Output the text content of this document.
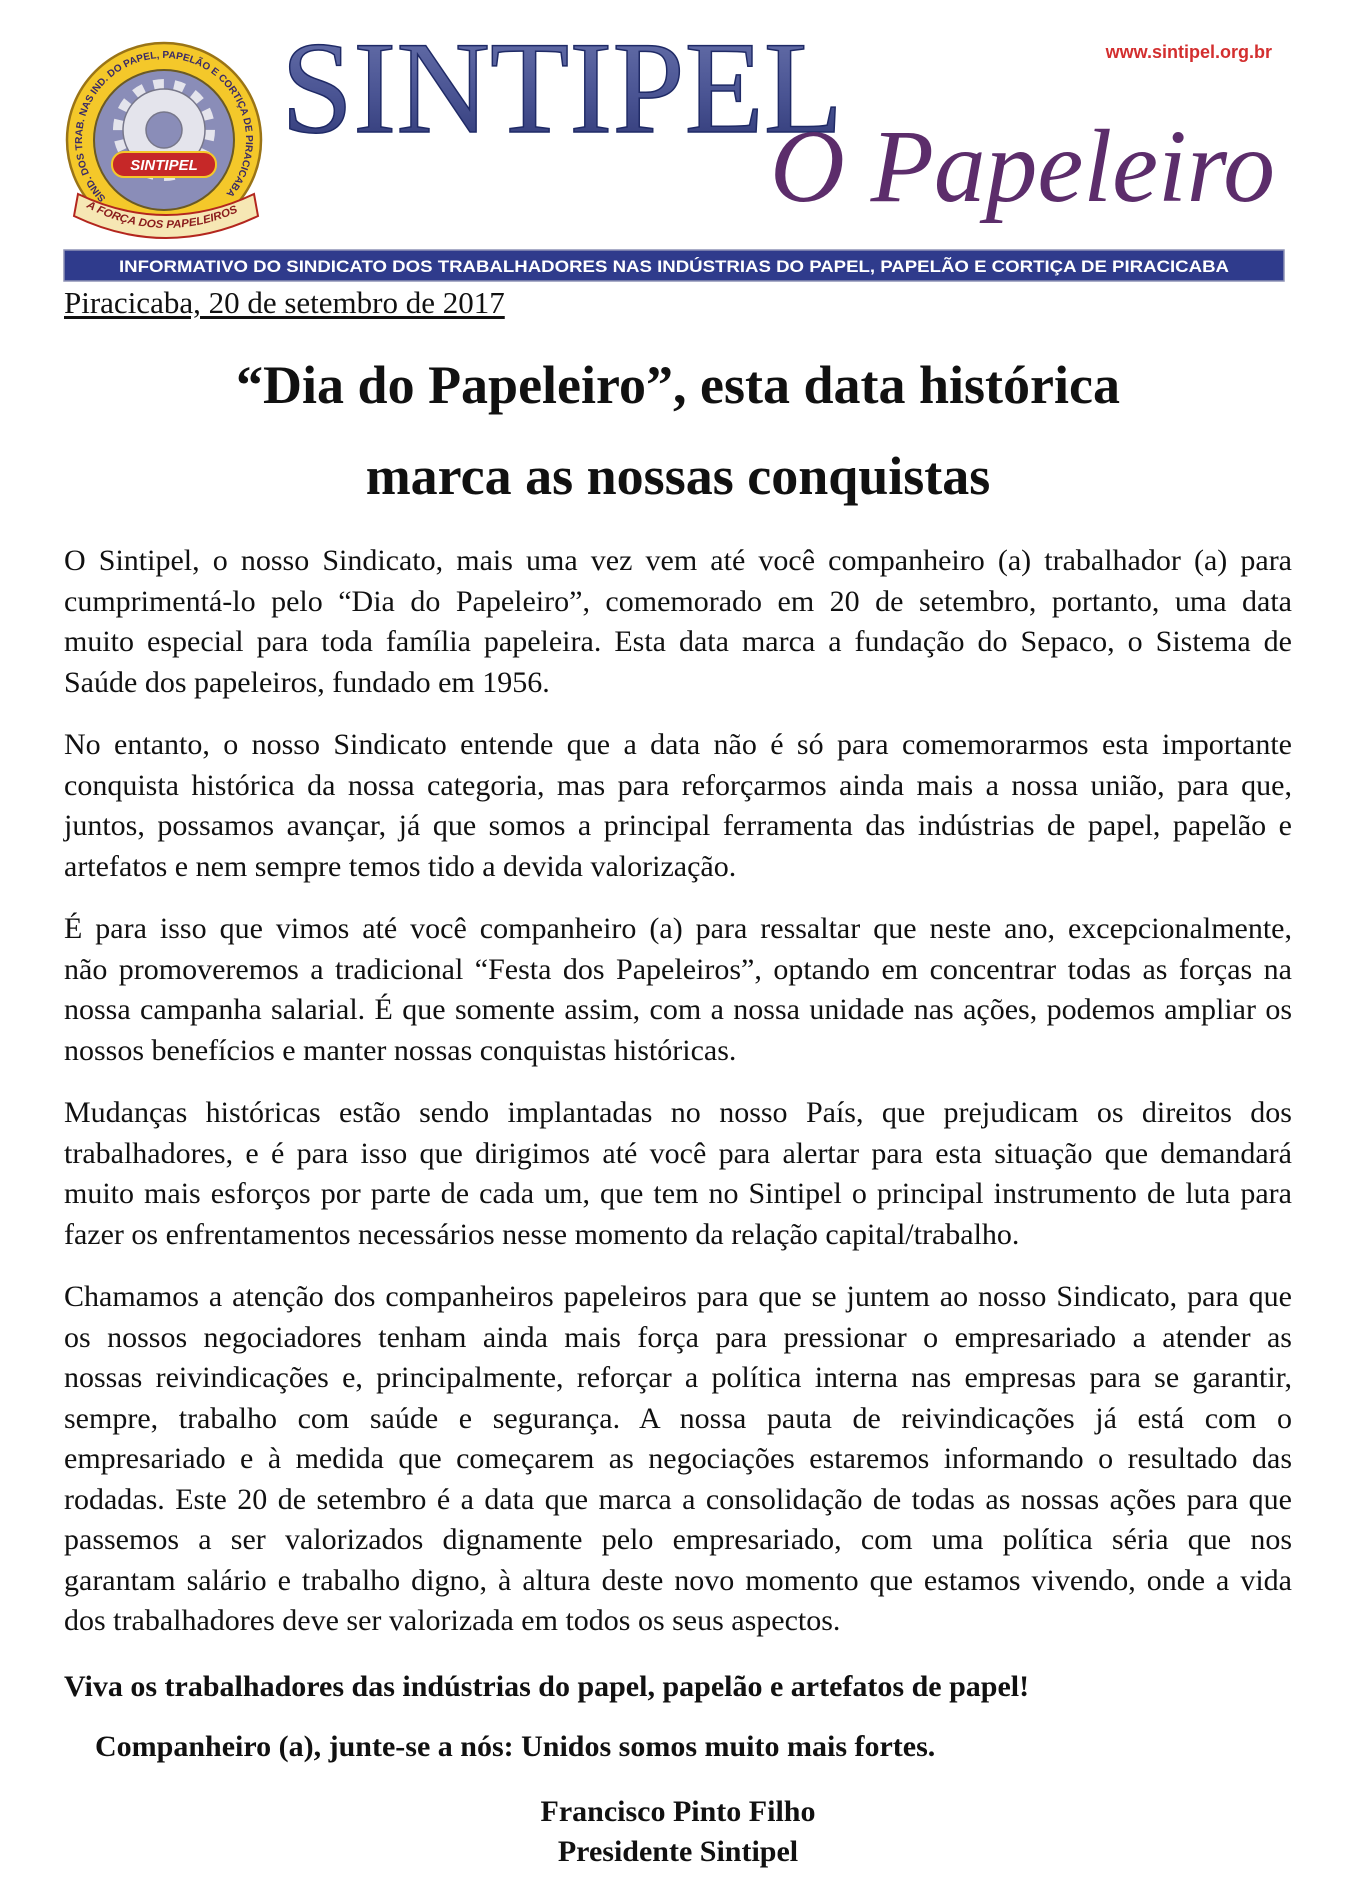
SIND. DOS TRAB. NAS IND. DO PAPEL, PAPELÃO E CORTIÇA DE PIRACICABA
SINTIPEL
A FORÇA DOS PAPELEIROS
www.sintipel.org.br
SINTIPEL
O Papeleiro
INFORMATIVO DO SINDICATO DOS TRABALHADORES NAS INDÚSTRIAS DO PAPEL, PAPELÃO E CORTIÇA DE PIRACICABA
Piracicaba, 20 de setembro de 2017
“Dia do Papeleiro”, esta data histórica
marca as nossas conquistas
O Sintipel, o nosso Sindicato, mais uma vez vem até você companheiro (a) trabalhador (a) para
cumprimentá-lo pelo “Dia do Papeleiro”, comemorado em 20 de setembro, portanto, uma data
muito especial para toda família papeleira. Esta data marca a fundação do Sepaco, o Sistema de
Saúde dos papeleiros, fundado em 1956.
No entanto, o nosso Sindicato entende que a data não é só para comemorarmos esta importante
conquista histórica da nossa categoria, mas para reforçarmos ainda mais a nossa união, para que,
juntos, possamos avançar, já que somos a principal ferramenta das indústrias de papel, papelão e
artefatos e nem sempre temos tido a devida valorização.
É para isso que vimos até você companheiro (a) para ressaltar que neste ano, excepcionalmente,
não promoveremos a tradicional “Festa dos Papeleiros”, optando em concentrar todas as forças na
nossa campanha salarial. É que somente assim, com a nossa unidade nas ações, podemos ampliar os
nossos benefícios e manter nossas conquistas históricas.
Mudanças históricas estão sendo implantadas no nosso País, que prejudicam os direitos dos
trabalhadores, e é para isso que dirigimos até você para alertar para esta situação que demandará
muito mais esforços por parte de cada um, que tem no Sintipel o principal instrumento de luta para
fazer os enfrentamentos necessários nesse momento da relação capital/trabalho.
Chamamos a atenção dos companheiros papeleiros para que se juntem ao nosso Sindicato, para que
os nossos negociadores tenham ainda mais força para pressionar o empresariado a atender as
nossas reivindicações e, principalmente, reforçar a política interna nas empresas para se garantir,
sempre, trabalho com saúde e segurança. A nossa pauta de reivindicações já está com o
empresariado e à medida que começarem as negociações estaremos informando o resultado das
rodadas. Este 20 de setembro é a data que marca a consolidação de todas as nossas ações para que
passemos a ser valorizados dignamente pelo empresariado, com uma política séria que nos
garantam salário e trabalho digno, à altura deste novo momento que estamos vivendo, onde a vida
dos trabalhadores deve ser valorizada em todos os seus aspectos.
Viva os trabalhadores das indústrias do papel, papelão e artefatos de papel!
Companheiro (a), junte-se a nós: Unidos somos muito mais fortes.
Francisco Pinto Filho
Presidente Sintipel
